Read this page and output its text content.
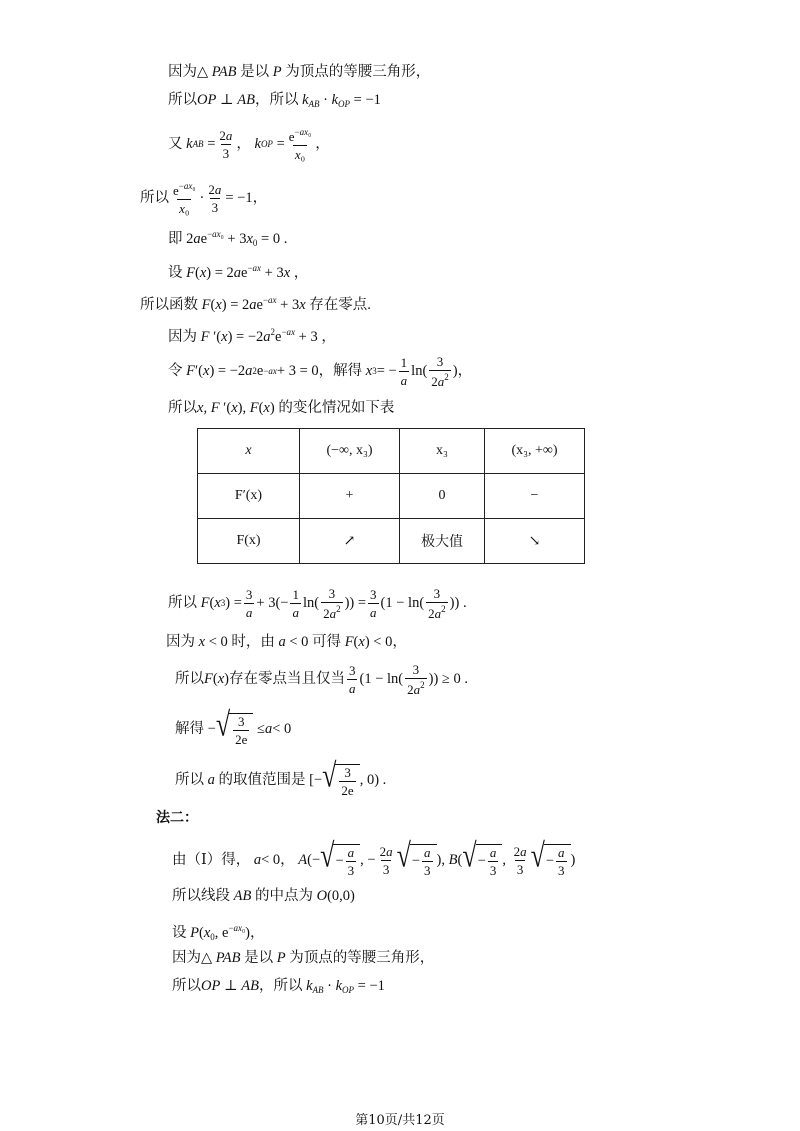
因为△ PAB 是以 P 为顶点的等腰三角形，
所以OP ⊥ AB，所以 $k_{AB} \cdot k_{OP} = -1$
又
k AB = $\frac{2a}{3}$ ， k OP = $\frac{e^{-ax_0}}{\text{x₀}}$ ，
所以 $\frac{e^{-ax_0}}{\text{x₀}} \cdot \frac{2a}{3} = -1$，
即 $2ae^{-ax_0} + 3x_0 = 0$ .
设 $F(x) = 2ae^{-ax} + 3x$ ，
所以函数 $F(x) = 2ae^{-ax} + 3x$ 存在零点.
因为 F $'(x) = -2a^2e^{-ax} + 3$ ，
令
F ′( x ) = −2 a 2 e −ax + 3 = 0 ，解得
x 3 = − $\frac{1}{a} \ln( \frac{3}{2a^2}$ )，
所以x, F ′(x), F(x) 的变化情况如下表
x	(−∞, x₃)	x₃	(x₃, +∞)
F′(x)	+	0	−
F(x)	↗	极大值	↘
所以
F ( x 3 ) = $\frac{3}{a} + 3(- \frac{1}{a} \ln( \frac{3}{2a^2}$ )) = $\frac{3}{a} (1 - \ln( \frac{3}{2a^2}$ )) .
因为 x < 0 时，由 a < 0 可得 F(x) < 0，
所以 F ( x ) 存在零点当且仅当 $\frac{3}{a} (1 - \ln( \frac{3}{2a^2}$ )) ≥ 0 .
解得 − √ $\frac{3}{2e} \le a < 0$
所以
a
的取值范围是 [− √ $\frac{3}{2e}$ , 0) .
法二：
由（Ⅰ）得，
a < 0， A (− √ − $\frac{a}{3}$ , − $\frac{2a}{3}$ √ − $\frac{a}{3}$ ), B ( √ − $\frac{a}{3}$ , $\frac{2a}{3}$ √ − $\frac{a}{3}$ )
所以线段 AB 的中点为 O(0,0)
设 $P(x_0$, $e^{-ax_0}$)，
因为△ PAB 是以 P 为顶点的等腰三角形，
所以OP ⊥ AB，所以 $k_{AB} \cdot k_{OP} = -1$
第10页/共12页
